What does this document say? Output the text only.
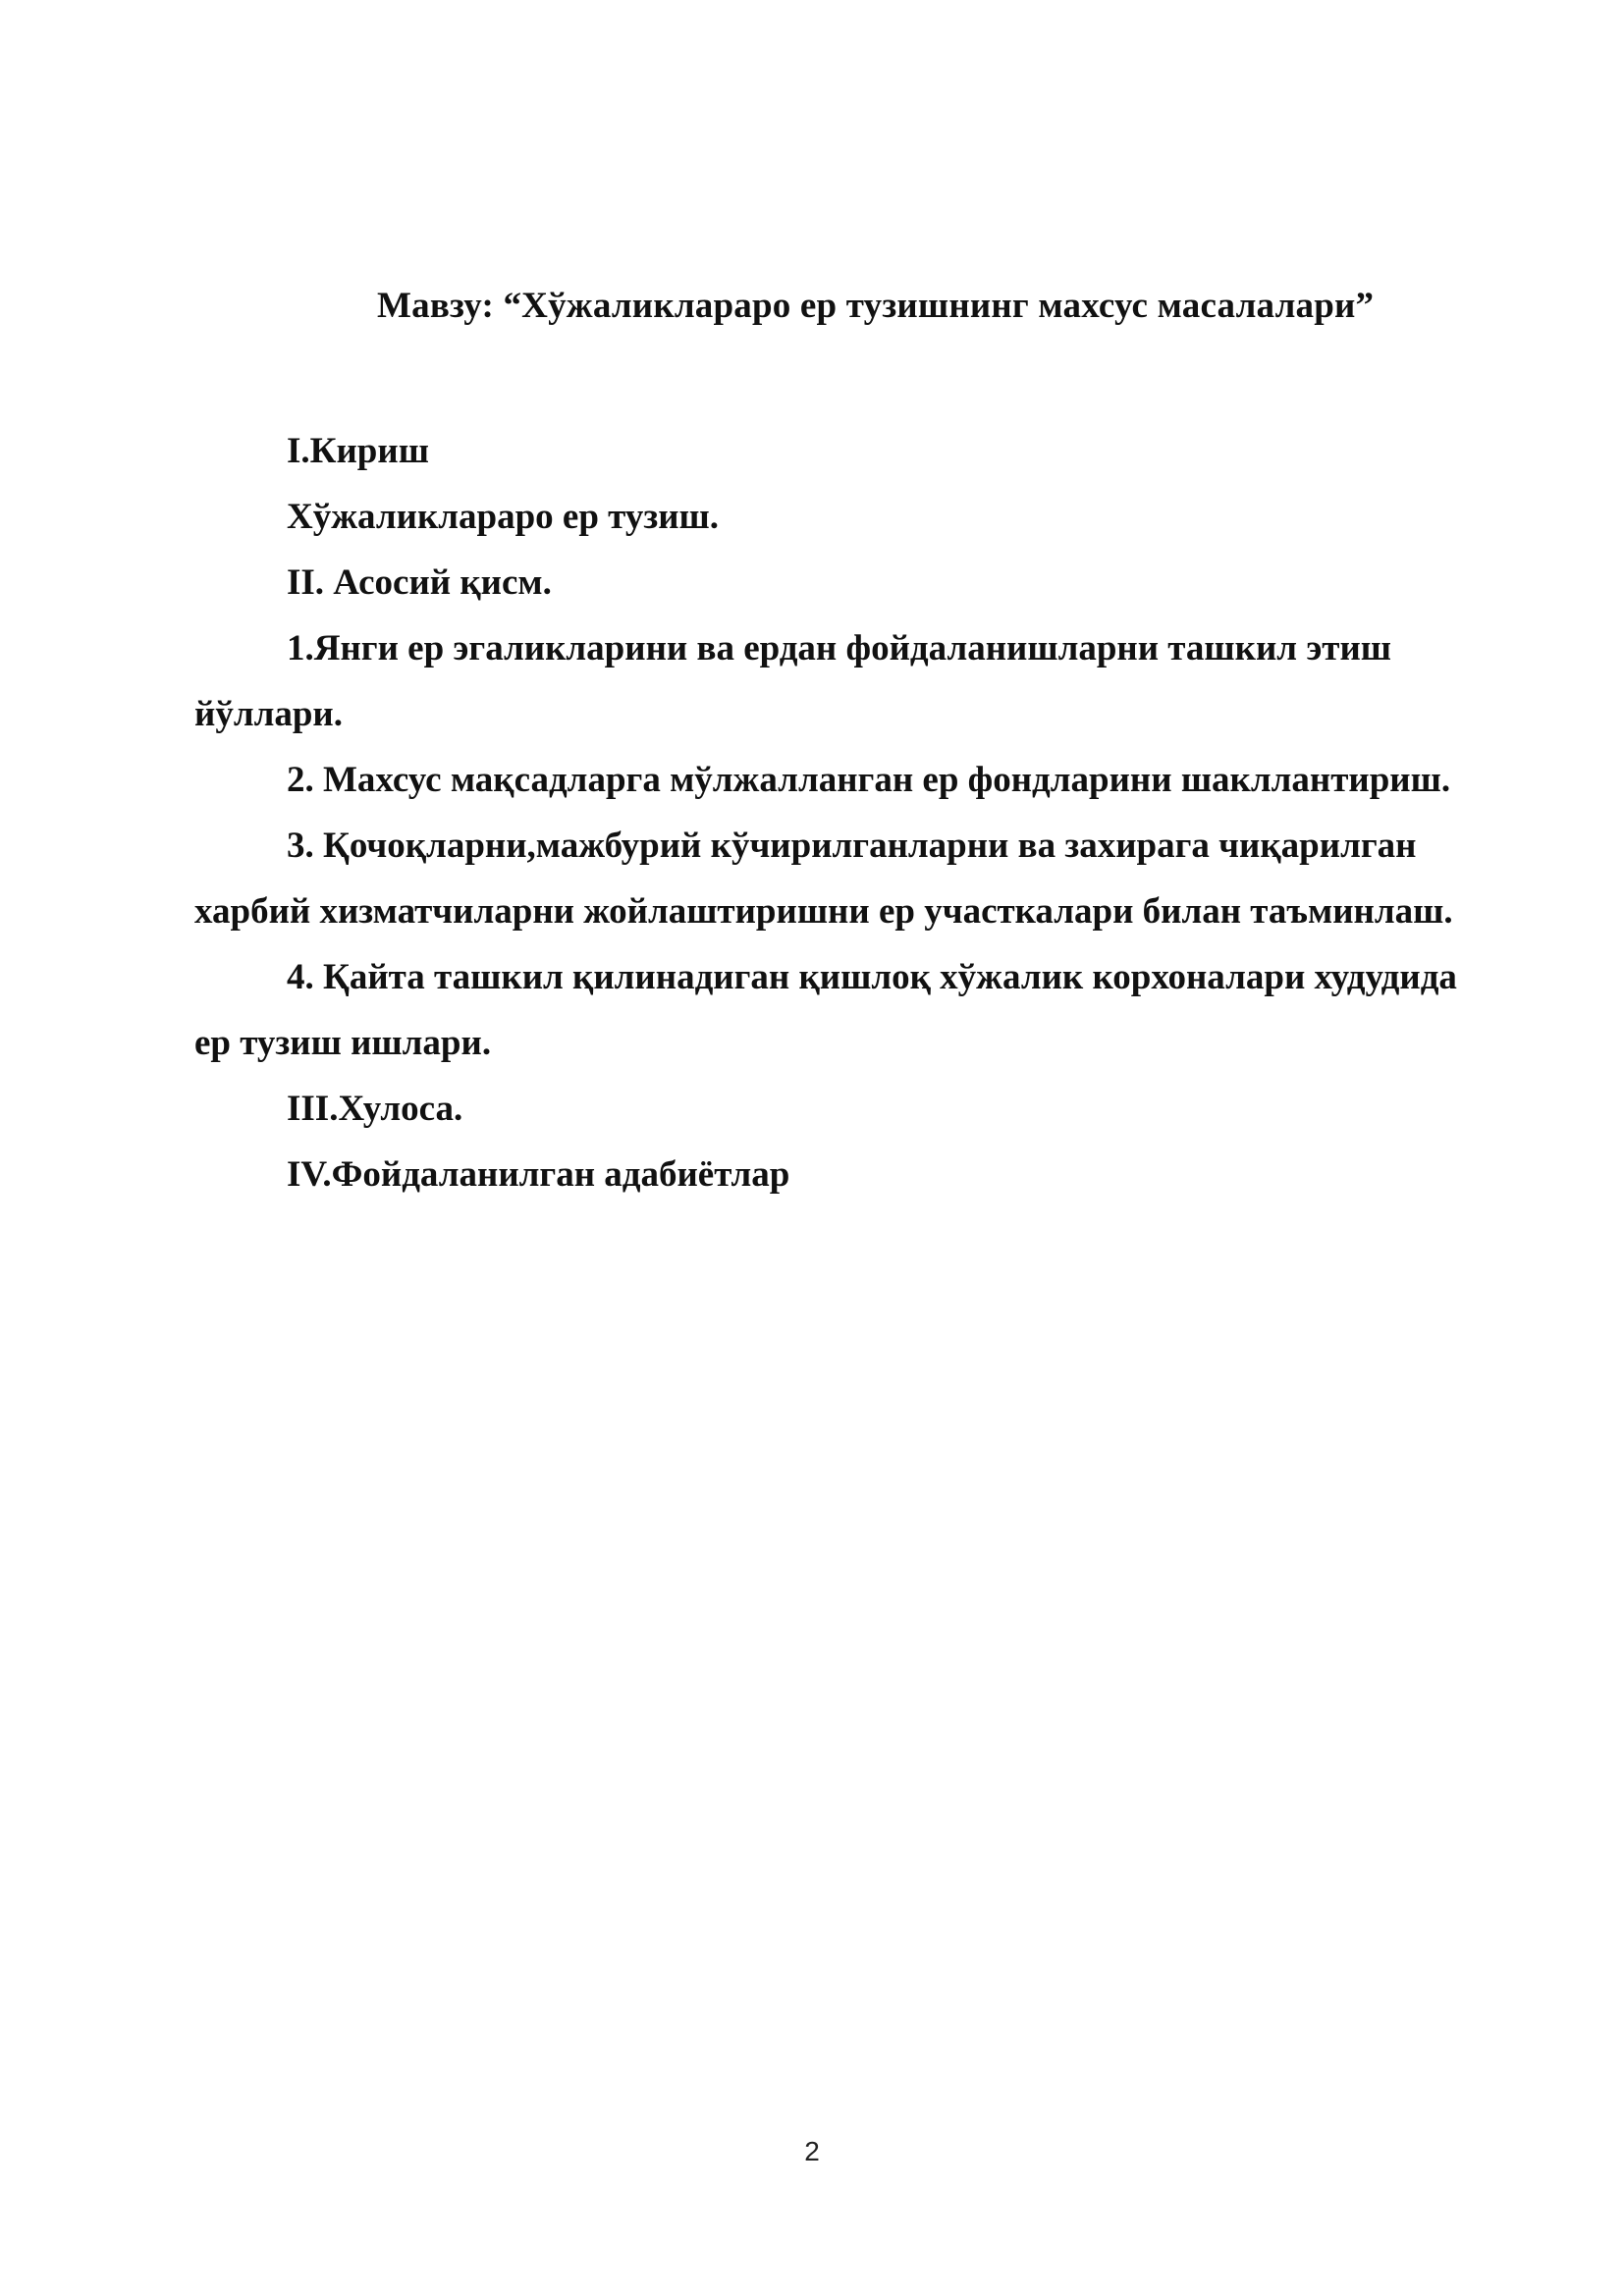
Мавзу: “Хўжаликлараро ер тузишнинг махсус масалалари”

I.Кириш

Хўжаликлараро ер тузиш.

II. Асосий қисм.

1.Янги ер эгаликларини ва ердан фойдаланишларни ташкил этиш йўллари.

2. Махсус мақсадларга мўлжалланган ер фондларини шакллантириш.

3. Қочоқларни,мажбурий кўчирилганларни ва захирага чиқарилган харбий хизматчиларни жойлаштиришни ер участкалари билан таъминлаш.

4. Қайта ташкил қилинадиган қишлоқ хўжалик корхоналари худудида ер тузиш ишлари.

III.Хулоса.

IV.Фойдаланилган адабиётлар

2
